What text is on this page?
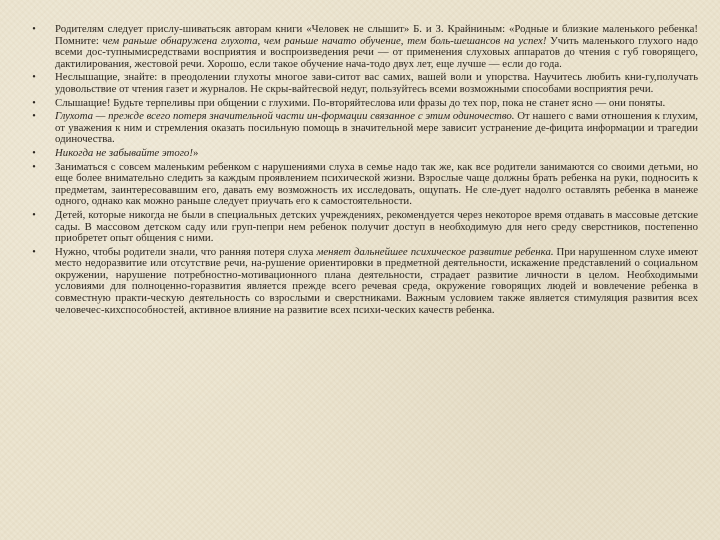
•	Родителям следует прислу-шиватьсяк авторам книги «Человек не слышит» Б. и З. Крайниным: «Родные и близкие маленького ребенка! Помните: чем раньше обнаружена глухота, чем раньше начато обучение, тем боль-шешансов на успех! Учить маленького глухого надо всеми дос-тупнымисредствами восприятия и воспроизведения речи — от применения слуховых аппаратов до чтения с губ говорящего, дактилирования, жестовой речи. Хорошо, если такое обучение нача-тодо двух лет, еще лучше — если до года.
•	Неслышащие, знайте: в преодолении глухоты многое зави-ситот вас самих, вашей воли и упорства. Научитесь любить кни-гу,получать удовольствие от чтения газет и журналов. Не скры-вайтесвой недуг, пользуйтесь всеми возможными способами восприятия речи.
•	Слышащие! Будьте терпеливы при общении с глухими. По-вторяйтеслова или фразы до тех пор, пока не станет ясно — они поняты.
•	Глухота — прежде всего потеря значительной части ин-формации связанное с этим одиночество. От нашего с вами отношения к глухим, от уважения к ним и стремления оказать посильную помощь в значительной мере зависит устранение де-фицита информации и трагедии одиночества.
•	Никогда не забывайте этого!»
•	Заниматься с совсем маленьким ребенком с нарушениями слуха в семье надо так же, как все родители занимаются со своими детьми, но еще более внимательно следить за каждым проявлением психической жизни. Взрослые чаще должны брать ребенка на руки, подносить к предметам, заинтересовавшим его, давать ему возможность их исследовать, ощупать. Не сле-дует надолго оставлять ребенка в манеже одного, однако как можно раньше следует приучать его к самостоятельности.
•	Детей, которые никогда не были в специальных детских учреждениях, рекомендуется через некоторое время отдавать в массовые детские сады. В массовом детском саду или груп-пепри нем ребенок получит доступ в необходимую для него среду сверстников, постепенно приобретет опыт общения с ними.
•	Нужно, чтобы родители знали, что ранняя потеря слуха меняет дальнейшее психическое развитие ребенка. При нарушенном слухе имеют место недоразвитие или отсутствие речи, на-рушение ориентировки в предметной деятельности, искажение представлений о социальном окружении, нарушение потребностно-мотивационного плана деятельности, страдает развитие личности в целом. Необходимыми условиями для полноценно-горазвития является прежде всего речевая среда, окружение говорящих людей и вовлечение ребенка в совместную практи-ческую деятельность со взрослыми и сверстниками. Важным условием также является стимуляция развития всех человечес-кихспособностей, активное влияние на развитие всех психи-ческих качеств ребенка.
